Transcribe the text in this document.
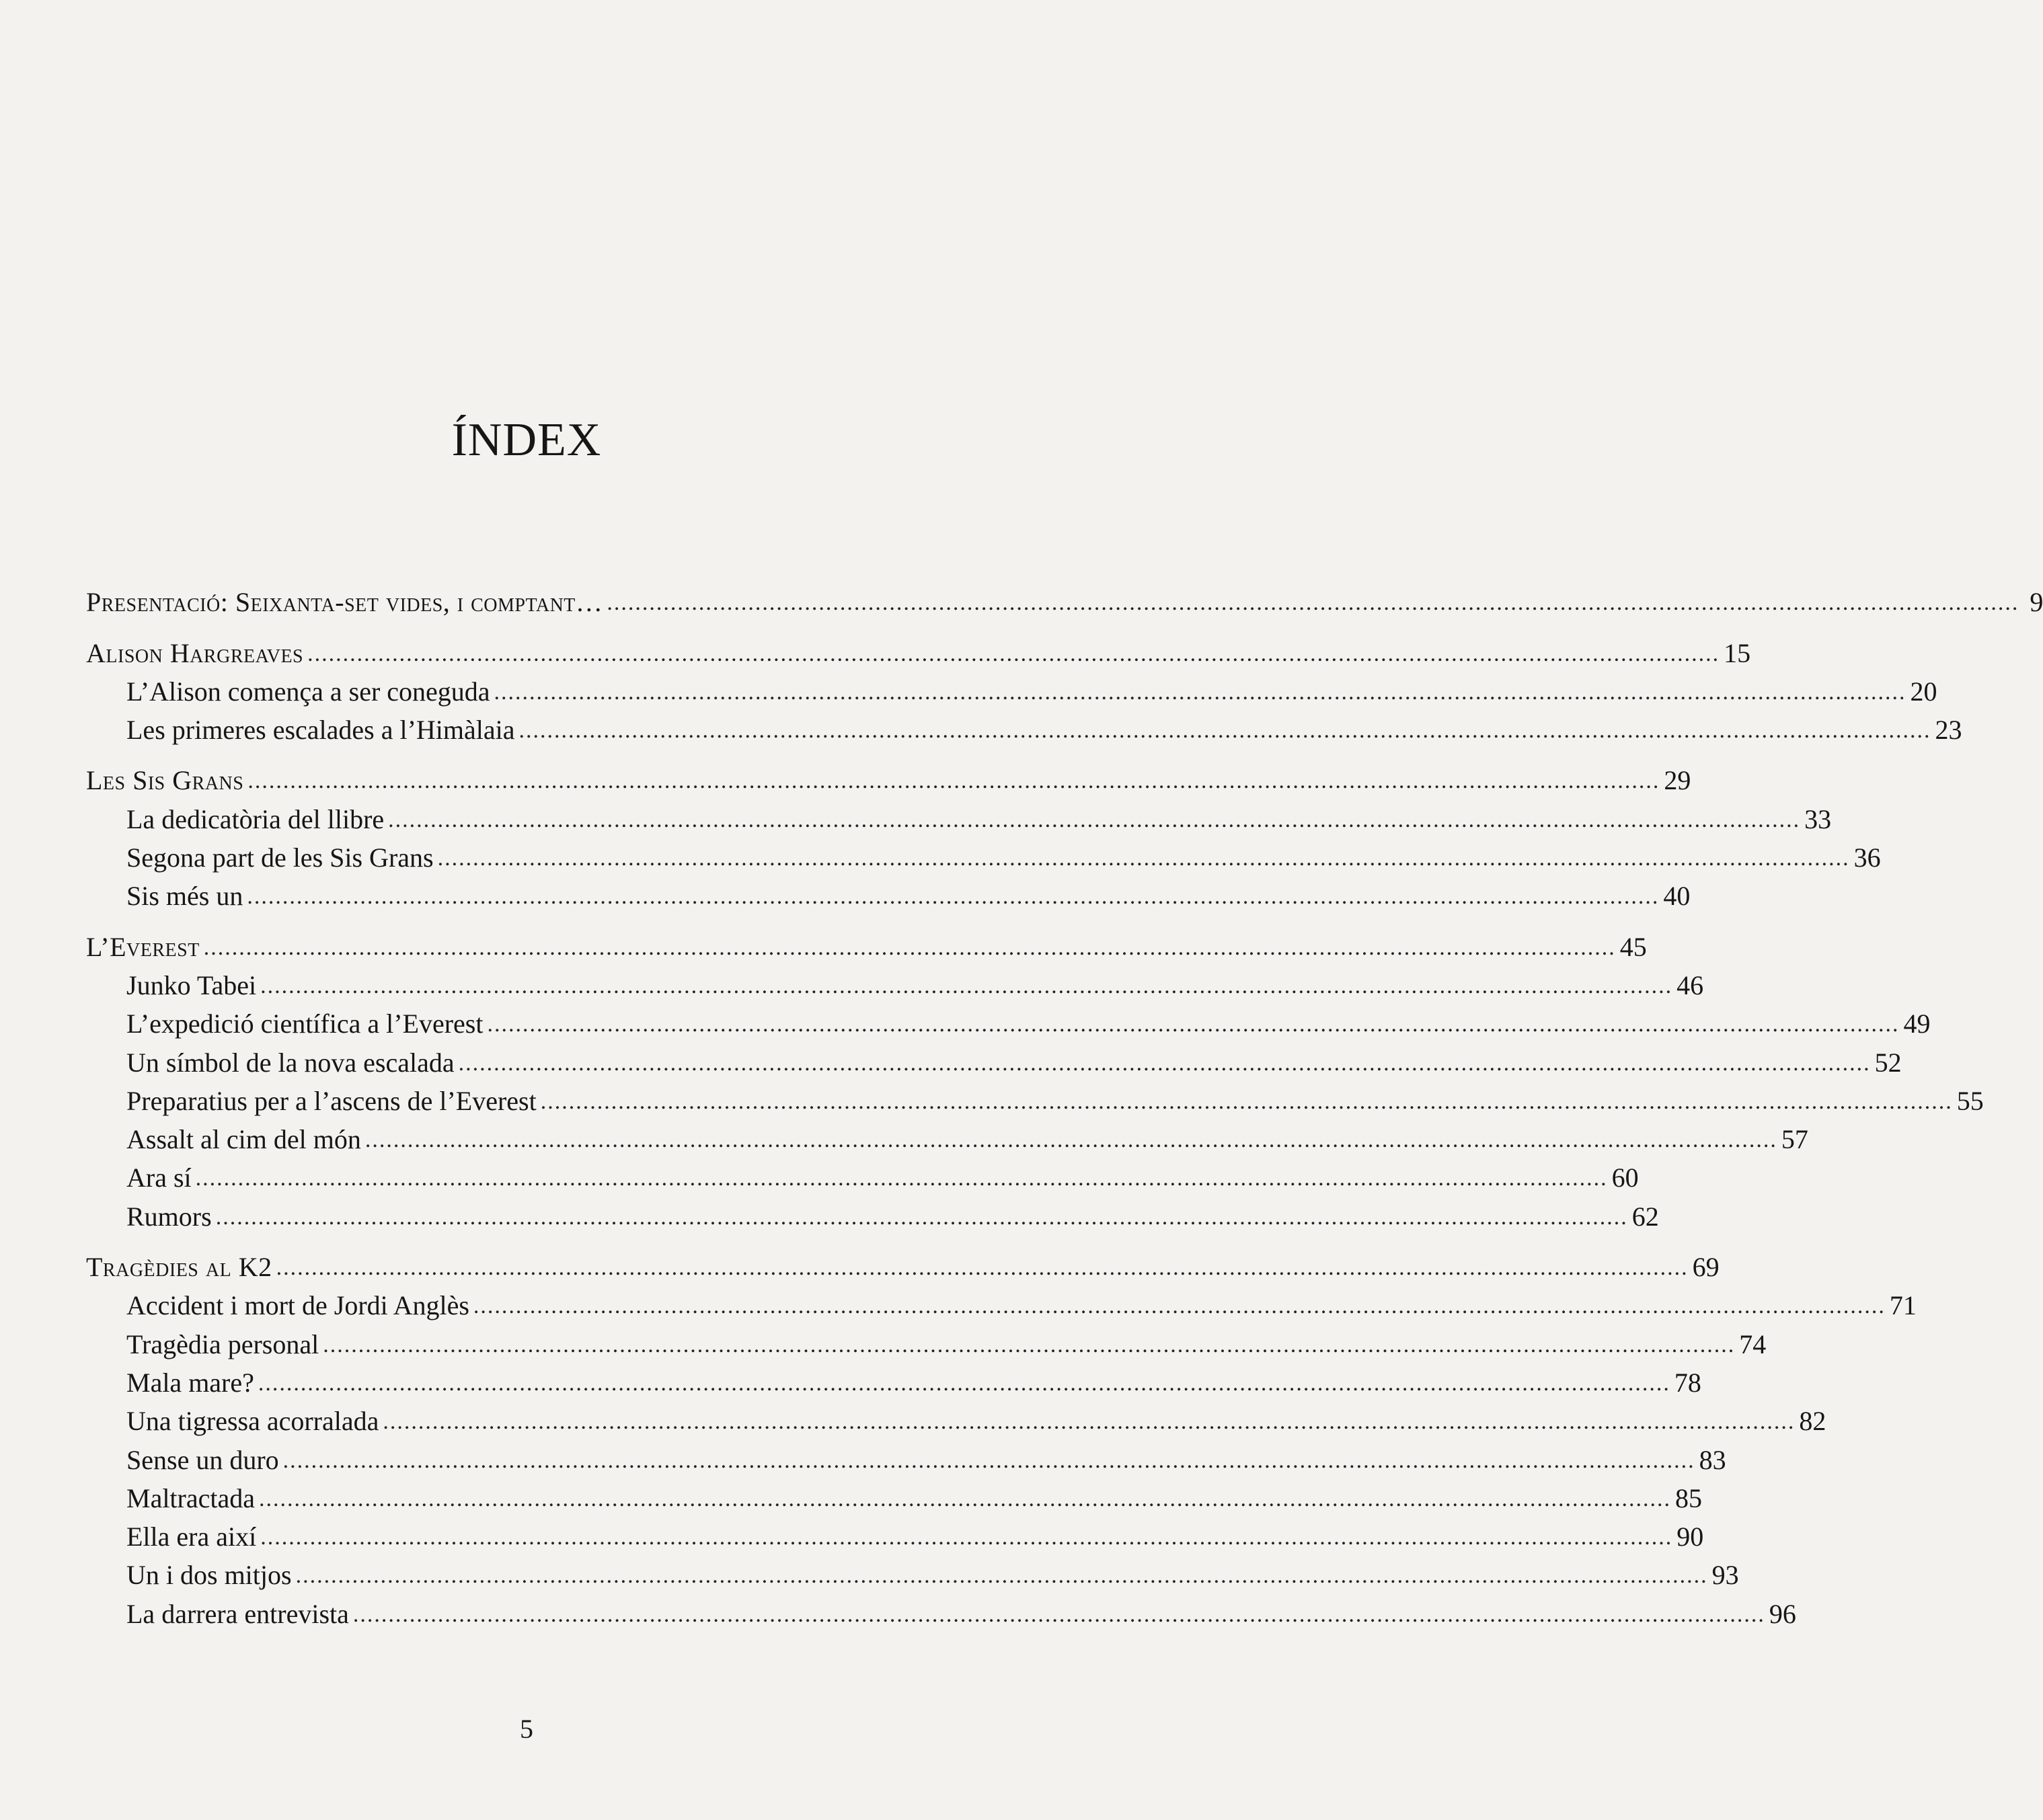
ÍNDEX
Presentació: Seixanta-set vides, i comptant… ........................................................................................................................................................................................................ 9
Alison Hargreaves ........................................................................................................................................................................................................ 15
L’Alison comença a ser coneguda ........................................................................................................................................................................................................ 20
Les primeres escalades a l’Himàlaia ........................................................................................................................................................................................................ 23
Les Sis Grans ........................................................................................................................................................................................................ 29
La dedicatòria del llibre ........................................................................................................................................................................................................ 33
Segona part de les Sis Grans ........................................................................................................................................................................................................ 36
Sis més un ........................................................................................................................................................................................................ 40
L’Everest ........................................................................................................................................................................................................ 45
Junko Tabei ........................................................................................................................................................................................................ 46
L’expedició científica a l’Everest ........................................................................................................................................................................................................ 49
Un símbol de la nova escalada ........................................................................................................................................................................................................ 52
Preparatius per a l’ascens de l’Everest ........................................................................................................................................................................................................ 55
Assalt al cim del món ........................................................................................................................................................................................................ 57
Ara sí ........................................................................................................................................................................................................ 60
Rumors ........................................................................................................................................................................................................ 62
Tragèdies al K2 ........................................................................................................................................................................................................ 69
Accident i mort de Jordi Anglès ........................................................................................................................................................................................................ 71
Tragèdia personal ........................................................................................................................................................................................................ 74
Mala mare? ........................................................................................................................................................................................................ 78
Una tigressa acorralada ........................................................................................................................................................................................................ 82
Sense un duro ........................................................................................................................................................................................................ 83
Maltractada ........................................................................................................................................................................................................ 85
Ella era així ........................................................................................................................................................................................................ 90
Un i dos mitjos ........................................................................................................................................................................................................ 93
La darrera entrevista ........................................................................................................................................................................................................ 96
5
